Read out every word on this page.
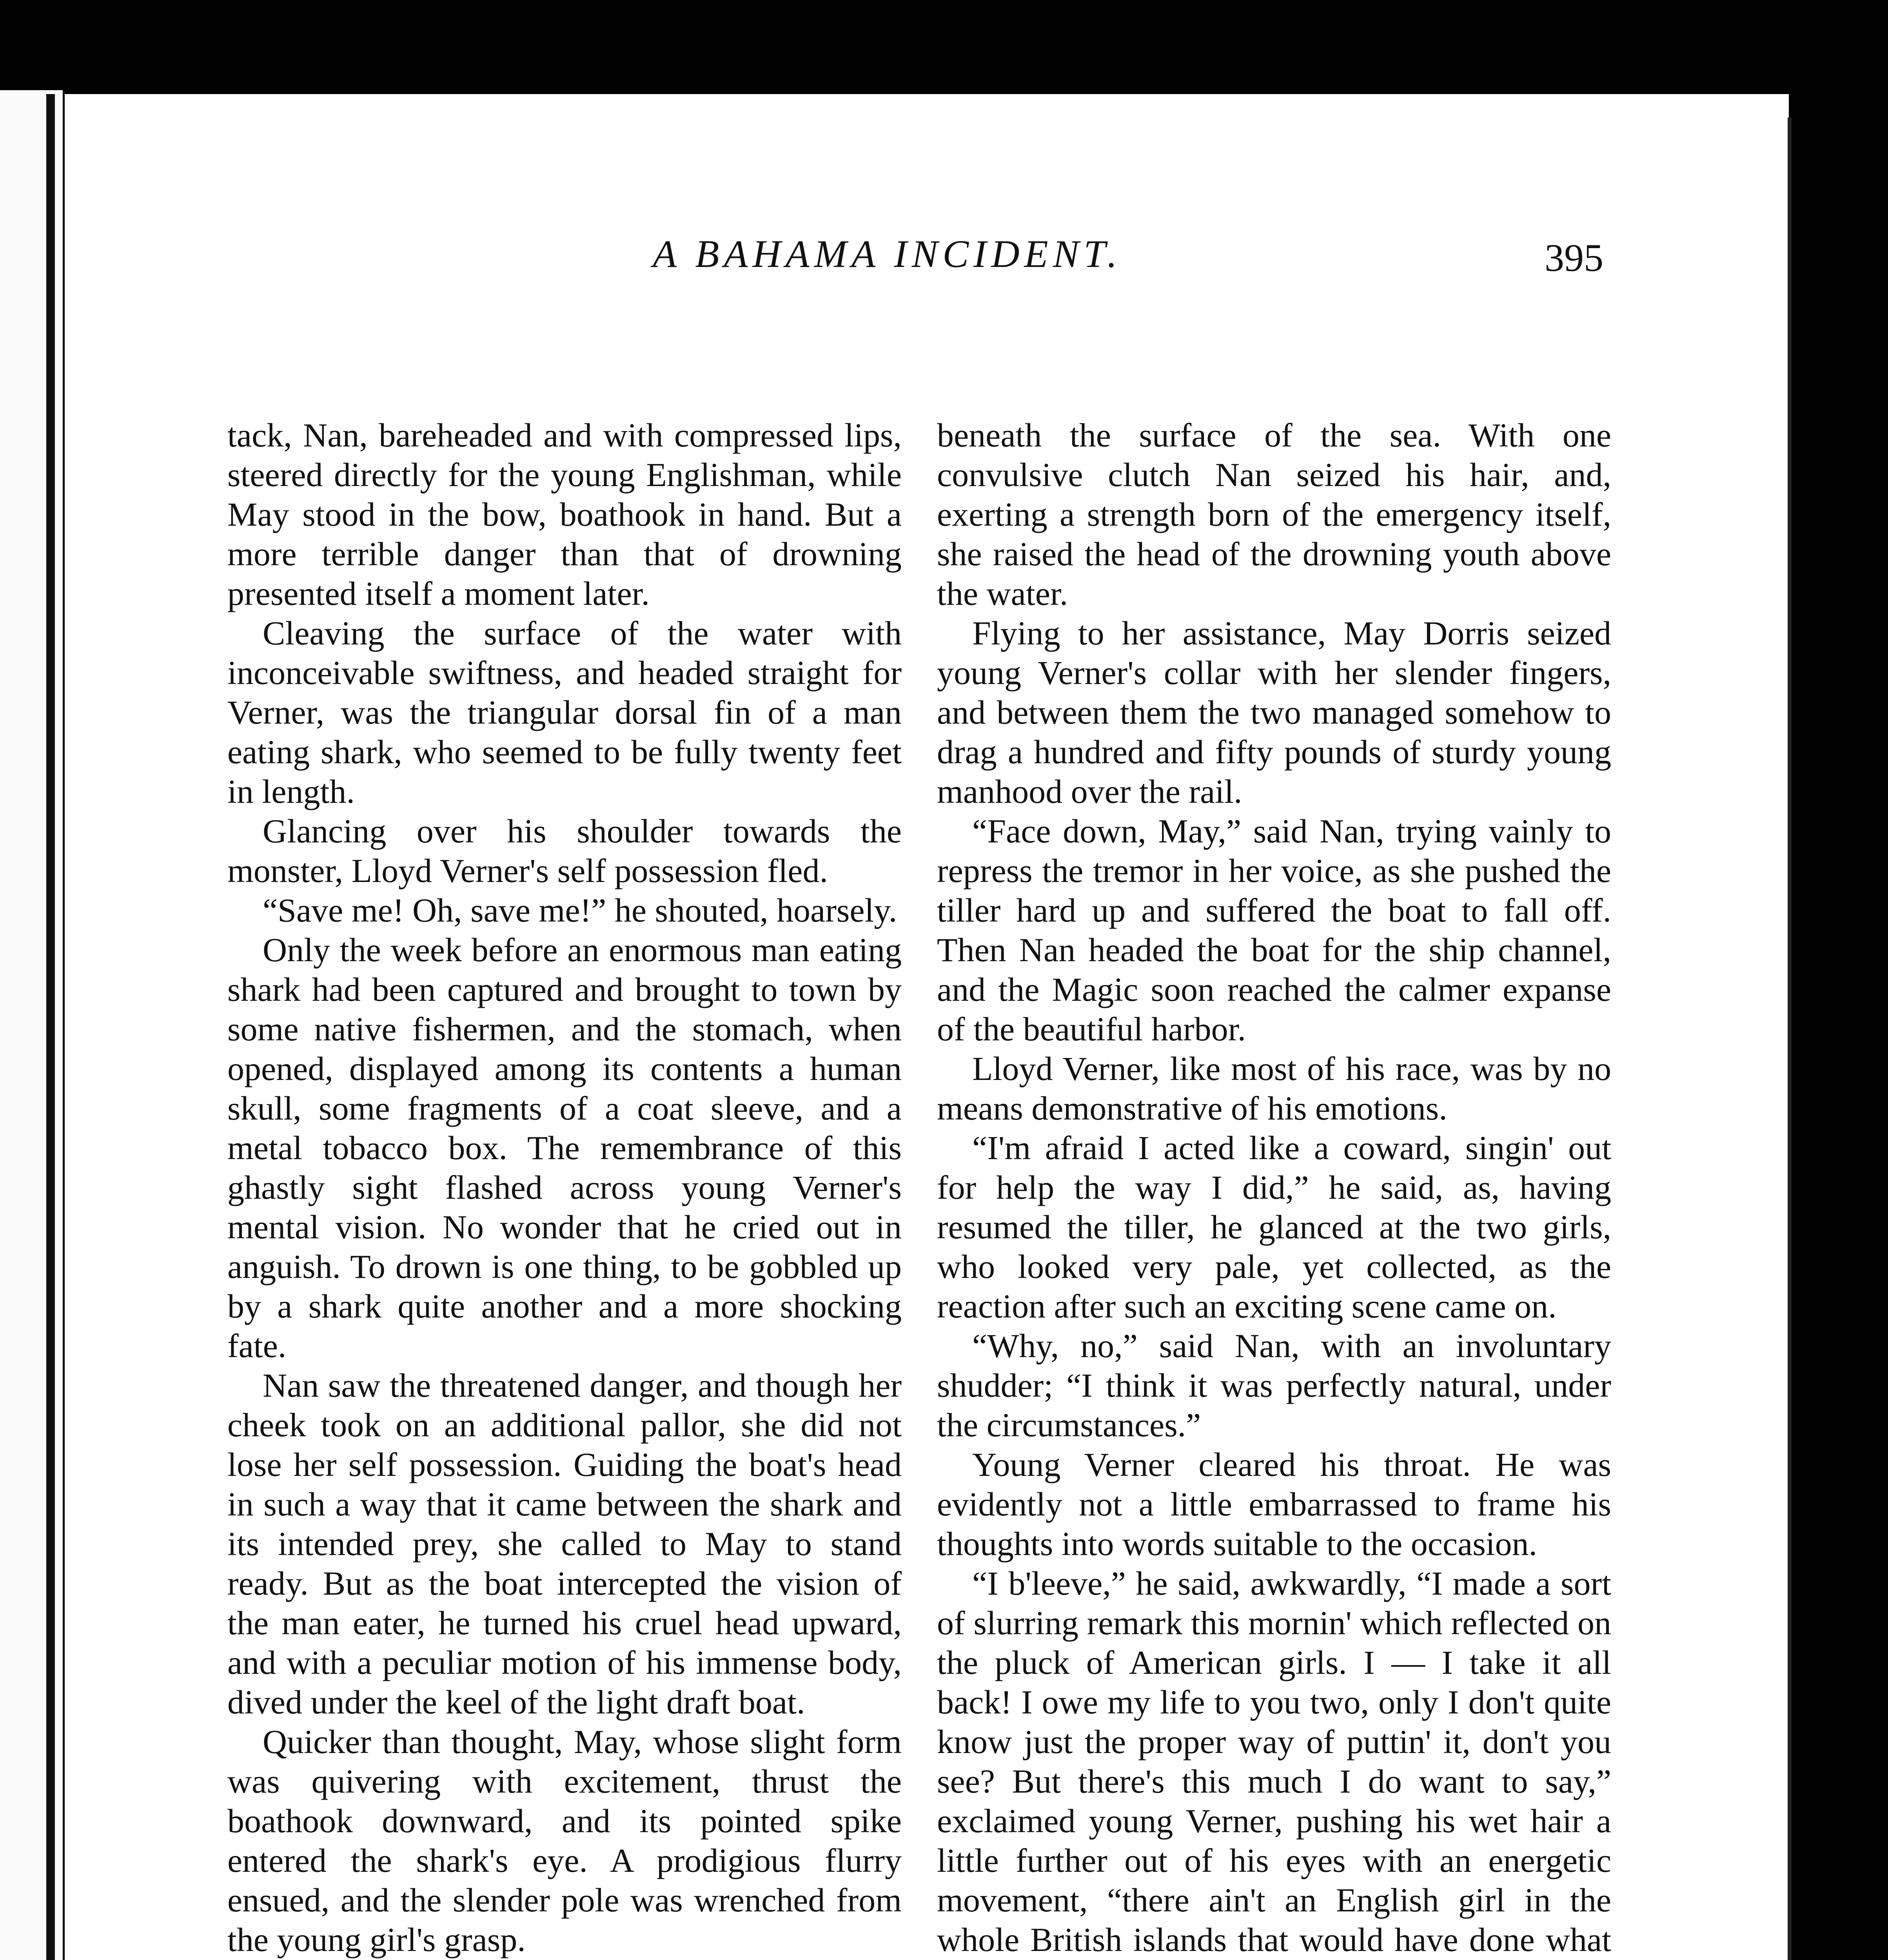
A BAHAMA INCIDENT.	395

tack, Nan, bareheaded and with compressed lips, steered directly for the young Englishman, while May stood in the bow, boathook in hand. But a more terrible danger than that of drowning presented itself a moment later.

Cleaving the surface of the water with inconceivable swiftness, and headed straight for Verner, was the triangular dorsal fin of a man eating shark, who seemed to be fully twenty feet in length.

Glancing over his shoulder towards the monster, Lloyd Verner's self possession fled.

“Save me! Oh, save me!” he shouted, hoarsely.

Only the week before an enormous man eating shark had been captured and brought to town by some native fishermen, and the stomach, when opened, displayed among its contents a human skull, some fragments of a coat sleeve, and a metal tobacco box. The remembrance of this ghastly sight flashed across young Verner's mental vision. No wonder that he cried out in anguish. To drown is one thing, to be gobbled up by a shark quite another and a more shocking fate.

Nan saw the threatened danger, and though her cheek took on an additional pallor, she did not lose her self possession. Guiding the boat's head in such a way that it came between the shark and its intended prey, she called to May to stand ready. But as the boat intercepted the vision of the man eater, he turned his cruel head upward, and with a peculiar motion of his immense body, dived under the keel of the light draft boat.

Quicker than thought, May, whose slight form was quivering with excitement, thrust the boathook downward, and its pointed spike entered the shark's eye. A prodigious flurry ensued, and the slender pole was wrenched from the young girl's grasp.

beneath the surface of the sea. With one convulsive clutch Nan seized his hair, and, exerting a strength born of the emergency itself, she raised the head of the drowning youth above the water.

Flying to her assistance, May Dorris seized young Verner's collar with her slender fingers, and between them the two managed somehow to drag a hundred and fifty pounds of sturdy young manhood over the rail.

“Face down, May,” said Nan, trying vainly to repress the tremor in her voice, as she pushed the tiller hard up and suffered the boat to fall off. Then Nan headed the boat for the ship channel, and the Magic soon reached the calmer expanse of the beautiful harbor.

Lloyd Verner, like most of his race, was by no means demonstrative of his emotions.

“I'm afraid I acted like a coward, singin' out for help the way I did,” he said, as, having resumed the tiller, he glanced at the two girls, who looked very pale, yet collected, as the reaction after such an exciting scene came on.

“Why, no,” said Nan, with an involuntary shudder; “I think it was perfectly natural, under the circumstances.”

Young Verner cleared his throat. He was evidently not a little embarrassed to frame his thoughts into words suitable to the occasion.

“I b'leeve,” he said, awkwardly, “I made a sort of slurring remark this mornin' which reflected on the pluck of American girls. I — I take it all back! I owe my life to you two, only I don't quite know just the proper way of puttin' it, don't you see? But there's this much I do want to say,” exclaimed young Verner, pushing his wet hair a little further out of his eyes with an energetic movement, “there ain't an English girl in the whole British islands that would have done what
